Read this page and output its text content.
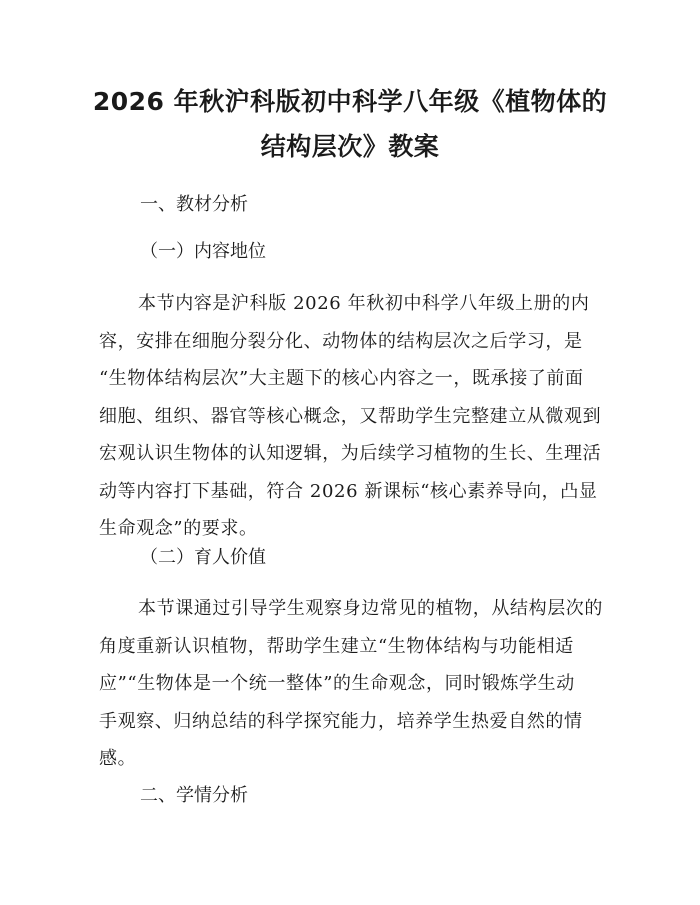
2026 年秋沪科版初中科学八年级《植物体的
结构层次》教案
一、教材分析
（一）内容地位
本节内容是沪科版 2026 年秋初中科学八年级上册的内
容，安排在细胞分裂分化、动物体的结构层次之后学习，是
“生物体结构层次”大主题下的核心内容之一，既承接了前面
细胞、组织、器官等核心概念，又帮助学生完整建立从微观到
宏观认识生物体的认知逻辑，为后续学习植物的生长、生理活
动等内容打下基础，符合 2026 新课标“核心素养导向，凸显
生命观念”的要求。
（二）育人价值
本节课通过引导学生观察身边常见的植物，从结构层次的
角度重新认识植物，帮助学生建立“生物体结构与功能相适
应”“生物体是一个统一整体”的生命观念，同时锻炼学生动
手观察、归纳总结的科学探究能力，培养学生热爱自然的情
感。
二、学情分析
